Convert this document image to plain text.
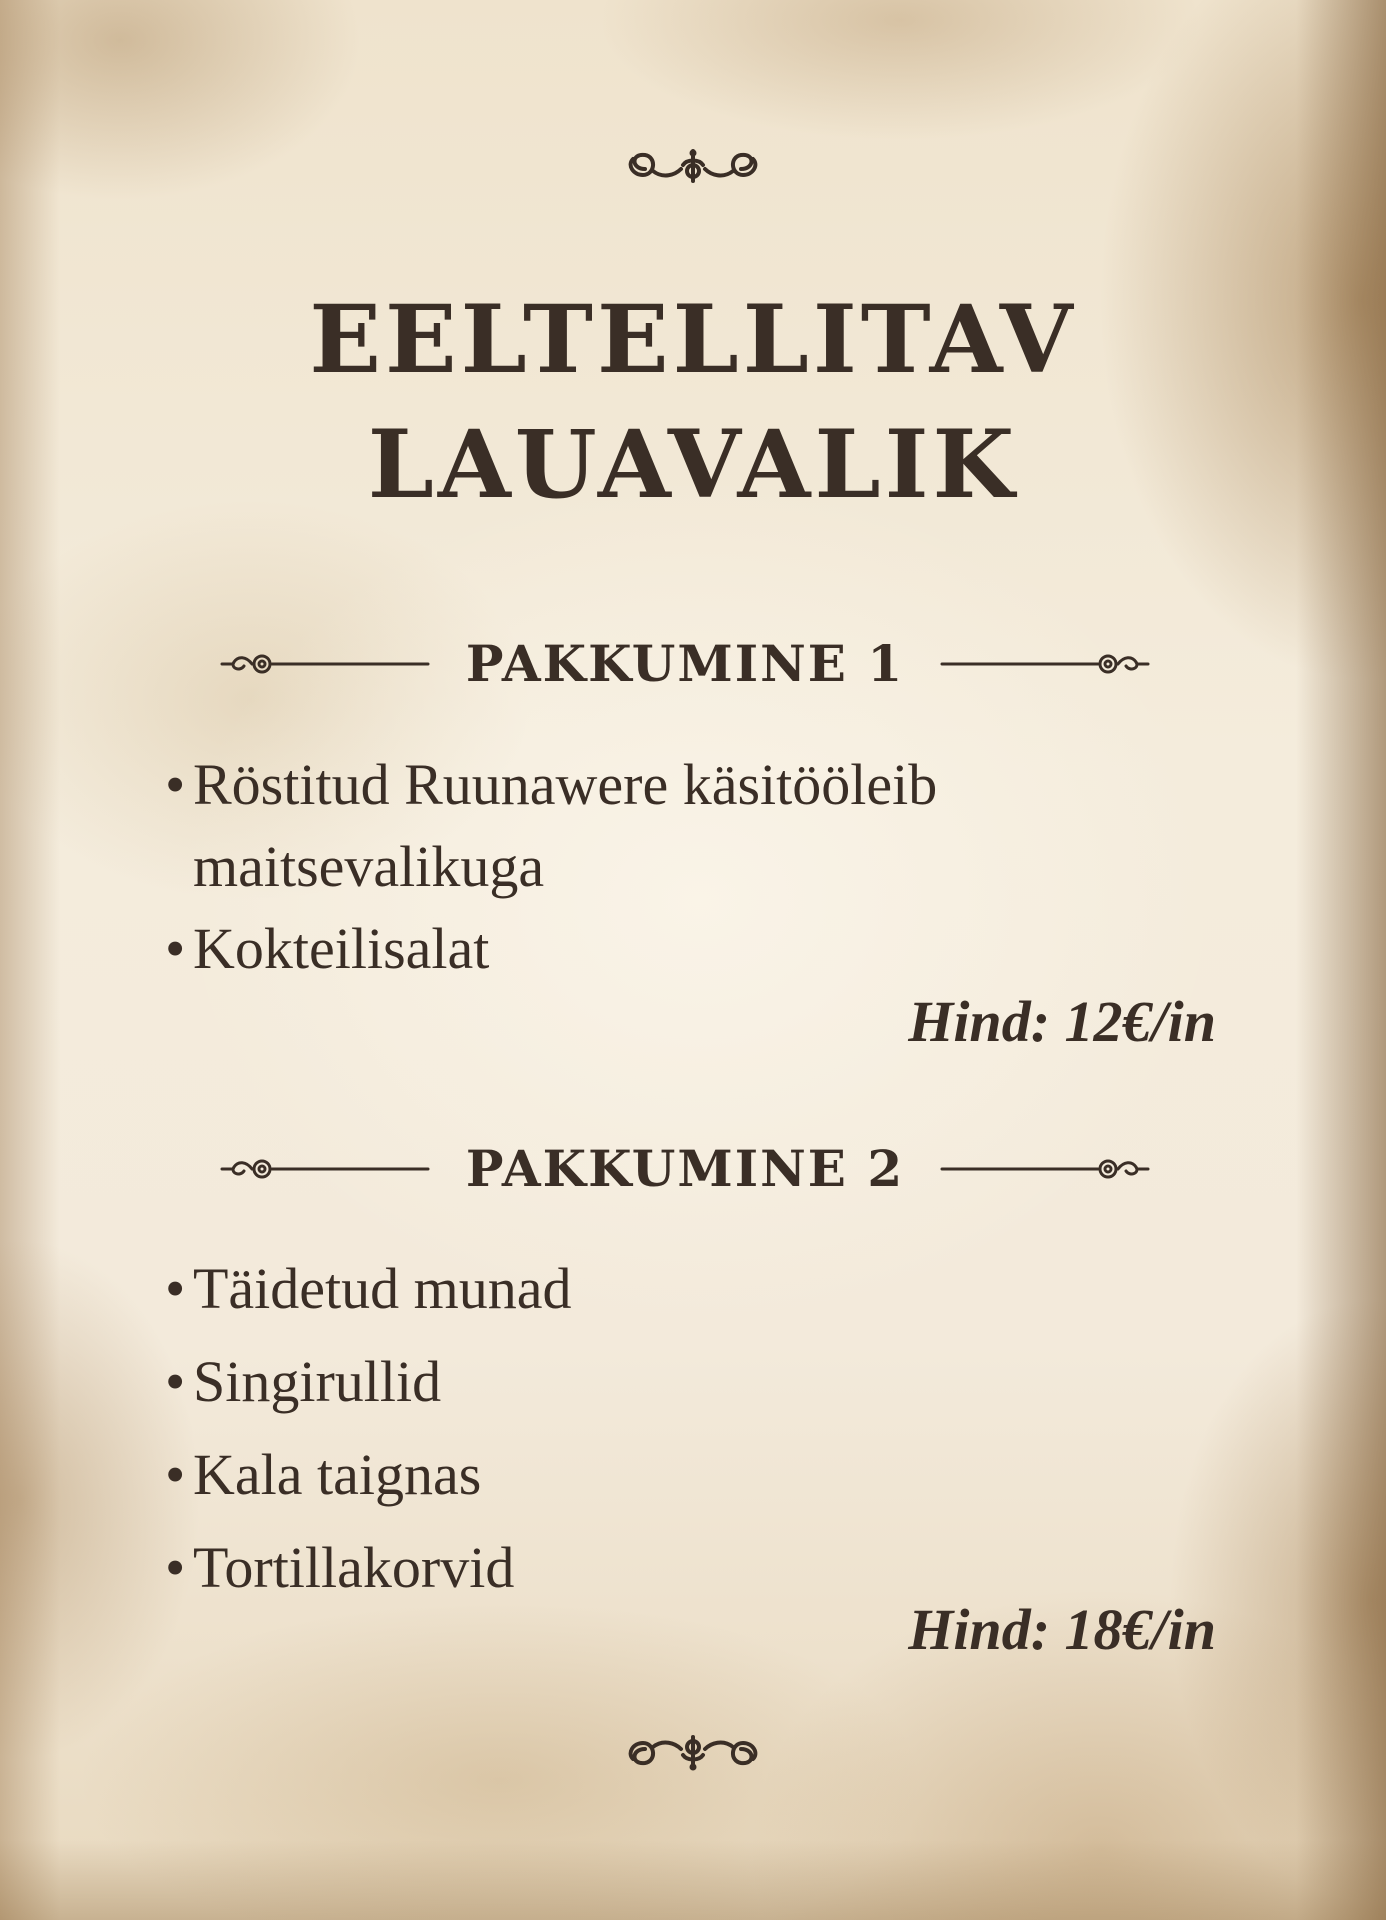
EELTELLITAV
LAUAVALIK
PAKKUMINE 1
• Röstitud Ruunawere käsitööleib maitsevalikuga
• Kokteilisalat
Hind: 12€/in
PAKKUMINE 2
• Täidetud munad
• Singirullid
• Kala taignas
• Tortillakorvid
Hind: 18€/in
